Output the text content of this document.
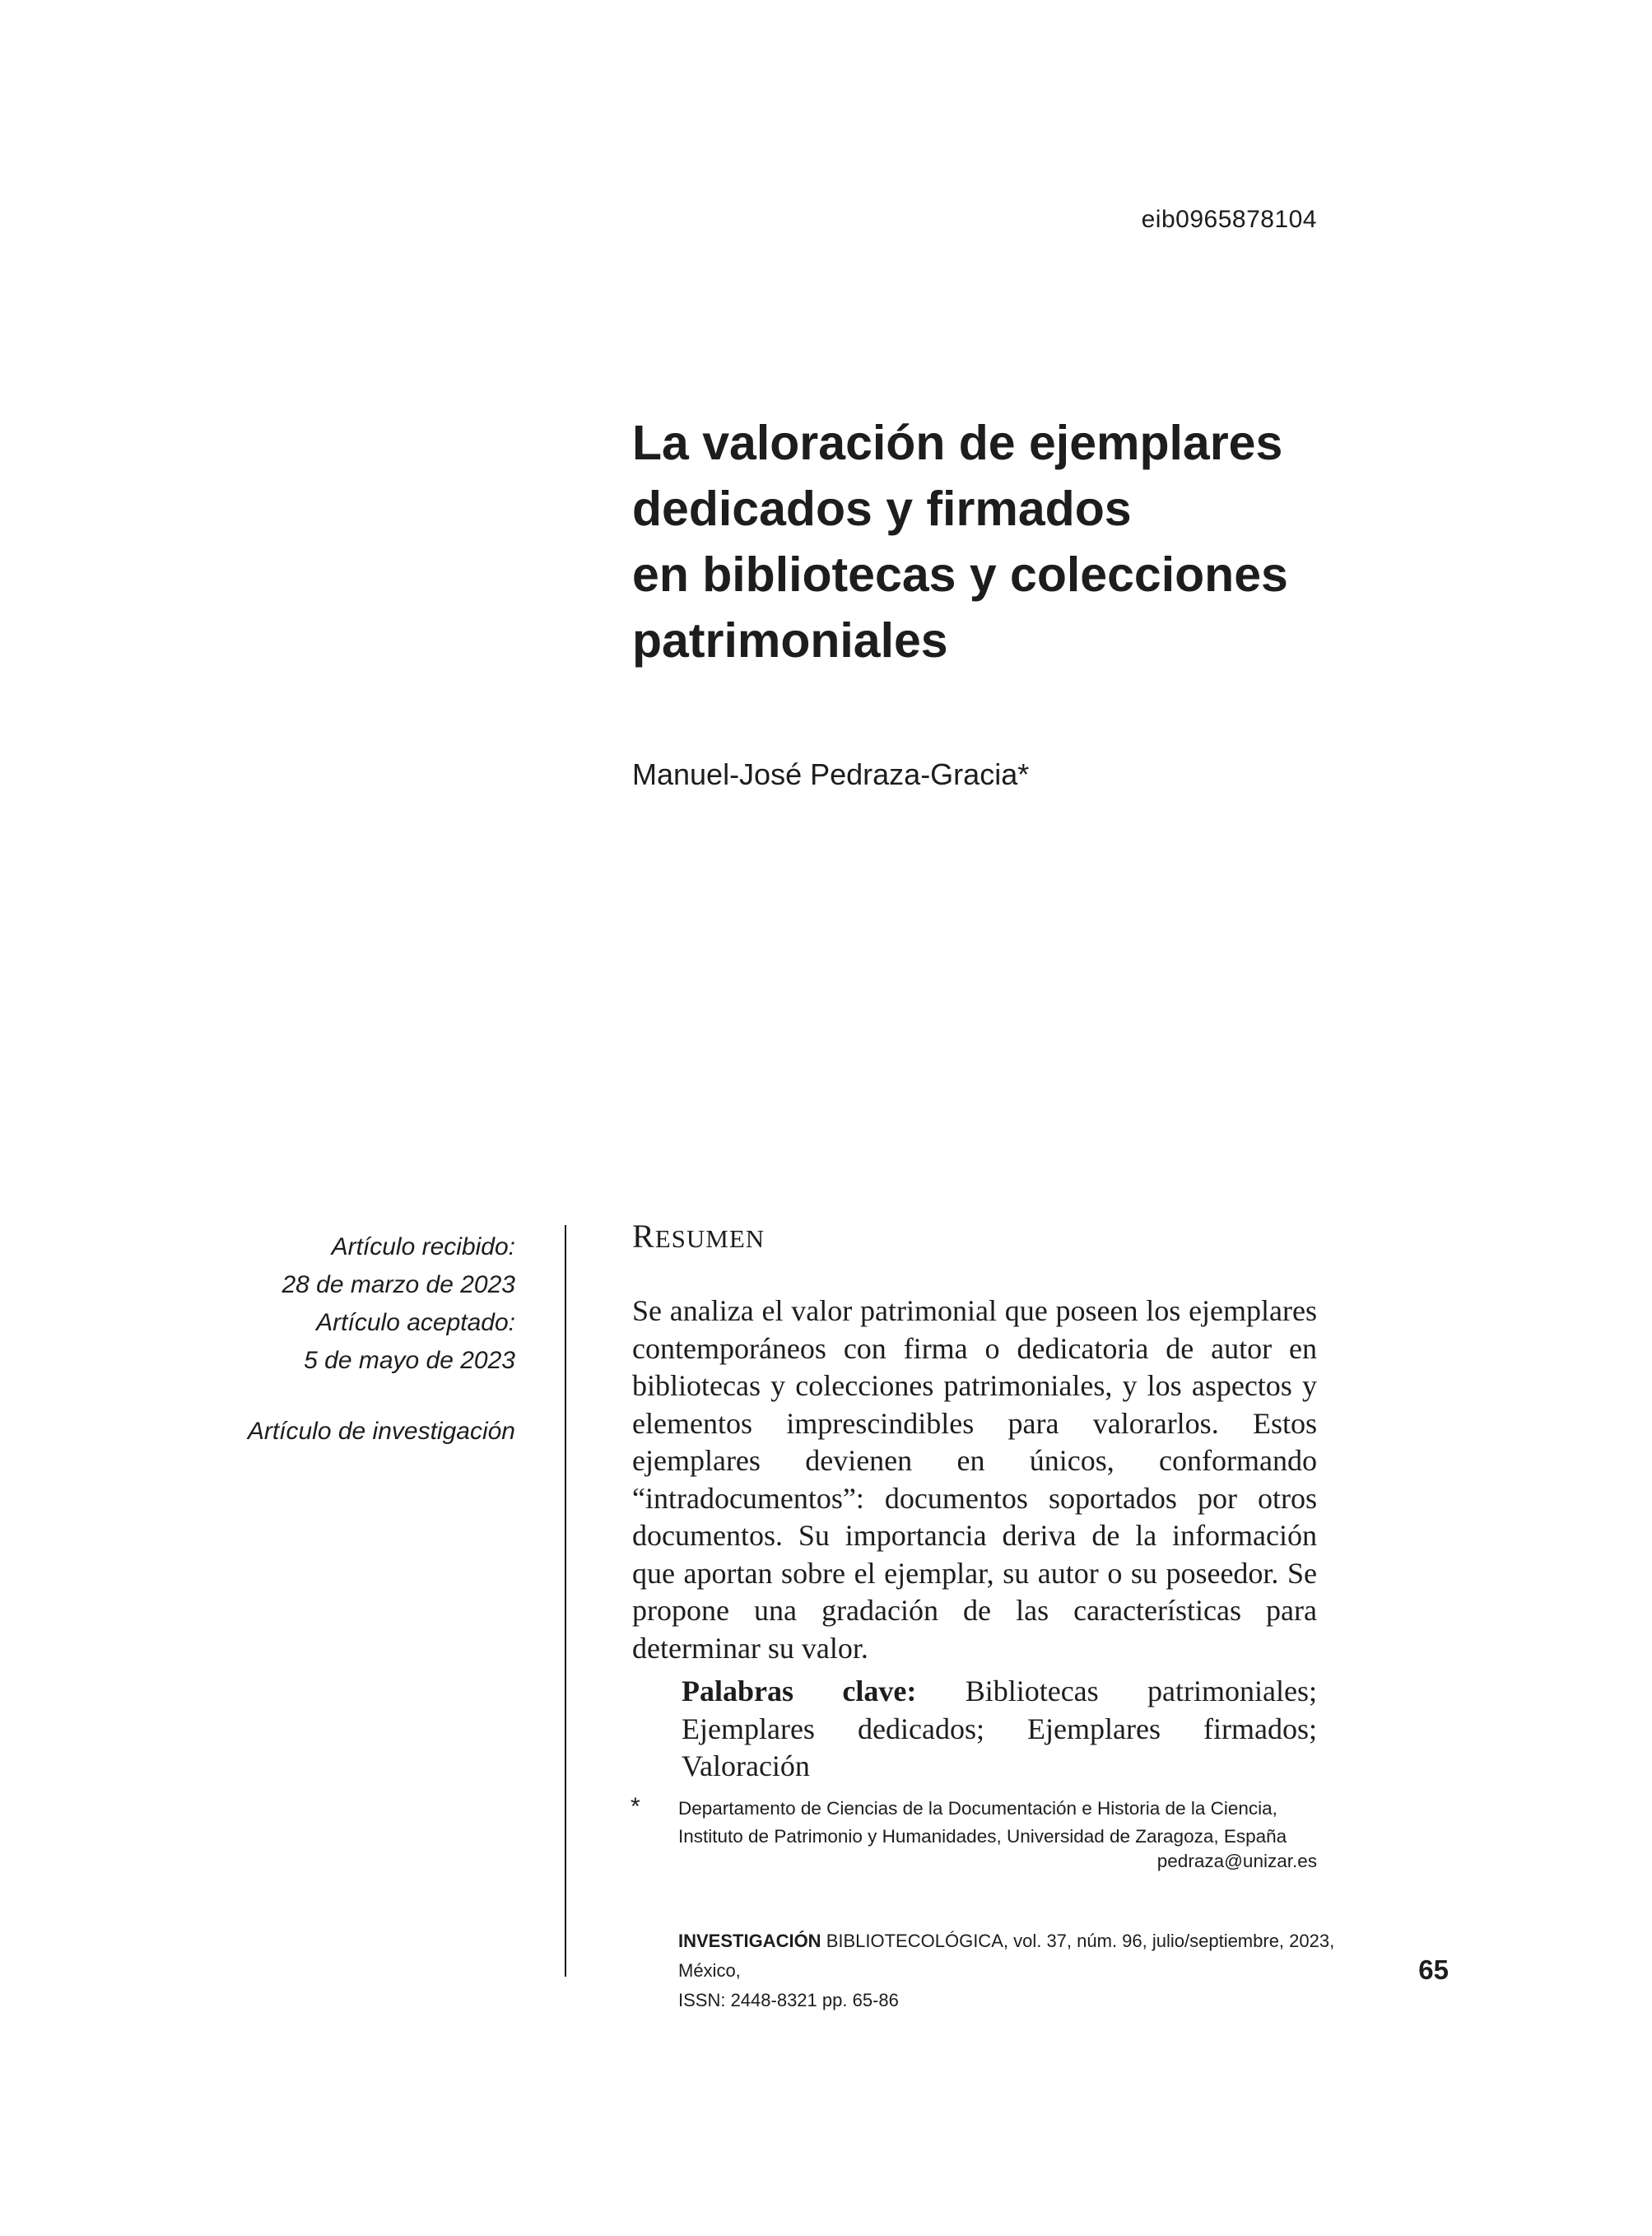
eib0965878104
La valoración de ejemplares
dedicados y firmados
en bibliotecas y colecciones
patrimoniales
Manuel-José Pedraza-Gracia*
Artículo recibido:
28 de marzo de 2023
Artículo aceptado:
5 de mayo de 2023
Artículo de investigación
RESUMEN

Se analiza el valor patrimonial que poseen los ejemplares contemporáneos con firma o dedicatoria de autor en bibliotecas y colecciones patrimoniales, y los aspectos y elementos imprescindibles para valorarlos. Estos ejemplares devienen en únicos, conformando “intradocumentos”: documentos soportados por otros documentos. Su importancia deriva de la información que aportan sobre el ejemplar, su autor o su poseedor. Se propone una gradación de las características para determinar su valor.

Palabras clave: Bibliotecas patrimoniales; Ejemplares dedicados; Ejemplares firmados; Valoración

* Departamento de Ciencias de la Documentación e Historia de la Ciencia, Instituto de Patrimonio y Humanidades, Universidad de Zaragoza, España
pedraza@unizar.es
INVESTIGACIÓN BIBLIOTECOLÓGICA, vol. 37, núm. 96, julio/septiembre, 2023, México,
ISSN: 2448-8321 pp. 65-86
65
